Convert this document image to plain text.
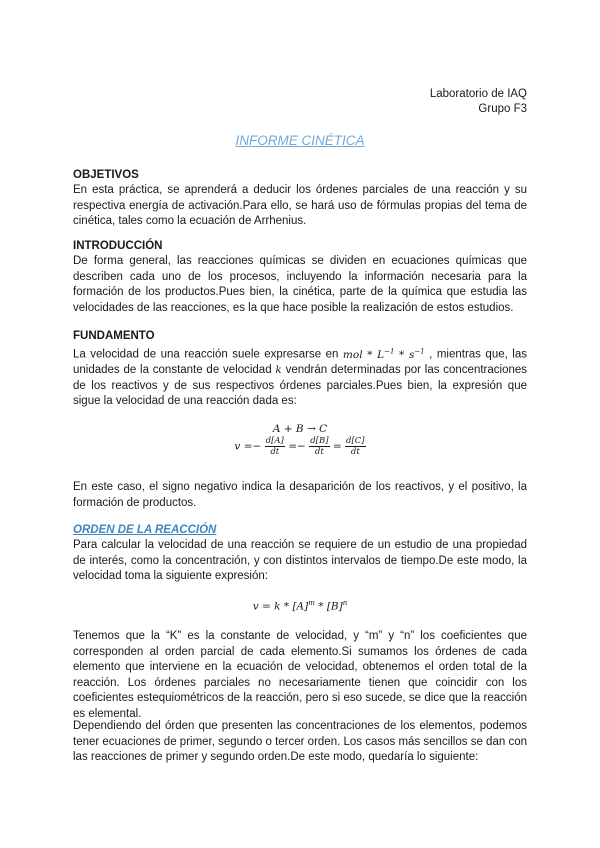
Laboratorio de IAQ
Grupo F3
INFORME CINÉTICA
OBJETIVOS

En esta práctica, se aprenderá a deducir los órdenes parciales de una reacción y su respectiva energía de activación.Para ello, se hará uso de fórmulas propias del tema de cinética, tales como la ecuación de Arrhenius.

INTRODUCCIÓN

De forma general, las reacciones químicas se dividen en ecuaciones químicas que describen cada uno de los procesos, incluyendo la información necesaria para la formación de los productos.Pues bien, la cinética, parte de la química que estudia las velocidades de las reacciones, es la que hace posible la realización de estos estudios.

FUNDAMENTO

La velocidad de una reacción suele expresarse en mol * $L^{-1} * s^{-1}$ , mientras que, las unidades de la constante de velocidad k vendrán determinadas por las concentraciones de los reactivos y de sus respectivos órdenes parciales.Pues bien, la expresión que sigue la velocidad de una reacción dada es:

A + B → C
$v =- \frac{d[A]}{dt} =- \frac{d[B]}{dt} = \frac{d[C]}{dt}$

En este caso, el signo negativo indica la desaparición de los reactivos, y el positivo, la formación de productos.

ORDEN DE LA REACCIÓN

Para calcular la velocidad de una reacción se requiere de un estudio de una propiedad de interés, como la concentración, y con distintos intervalos de tiempo.De este modo, la velocidad toma la siguiente expresión:

$v = k * [A]^m * [B]^n$

Tenemos que la “K” es la constante de velocidad, y “m” y “n” los coeficientes que corresponden al orden parcial de cada elemento.Si sumamos los órdenes de cada elemento que interviene en la ecuación de velocidad, obtenemos el orden total de la reacción. Los órdenes parciales no necesariamente tienen que coincidir con los coeficientes estequiométricos de la reacción, pero si eso sucede, se dice que la reacción es elemental.

Dependiendo del órden que presenten las concentraciones de los elementos, podemos tener ecuaciones de primer, segundo o tercer orden. Los casos más sencillos se dan con las reacciones de primer y segundo orden.De este modo, quedaría lo siguiente:
